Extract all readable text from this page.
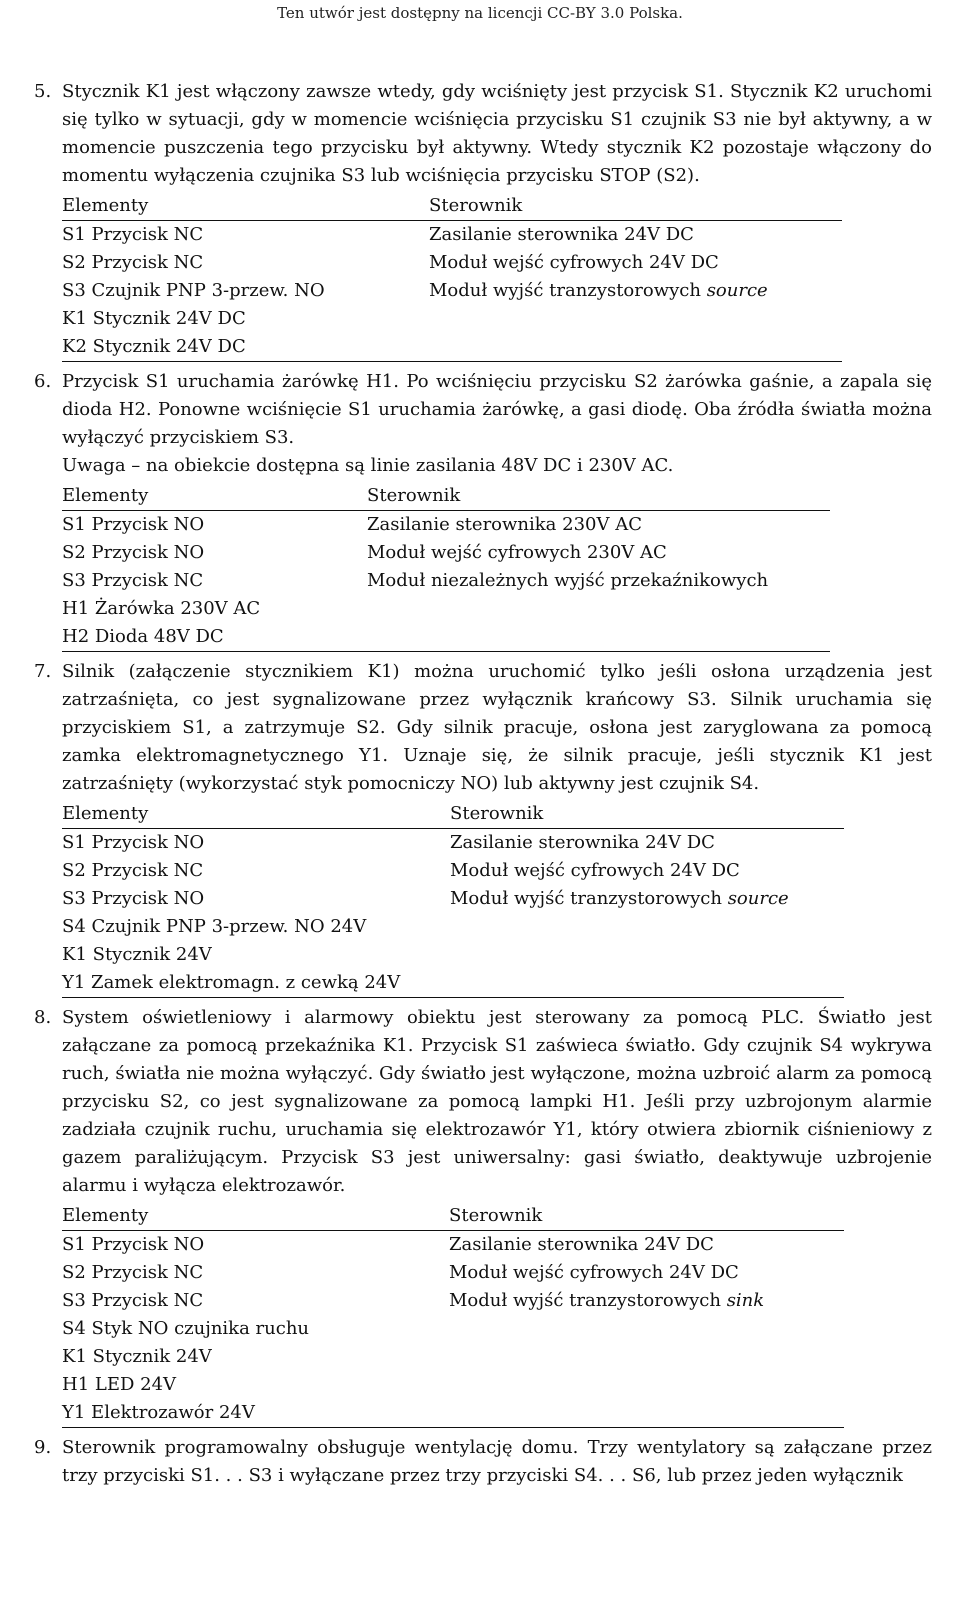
Ten utwór jest dostępny na licencji CC-BY 3.0 Polska.
5. Stycznik K1 jest włączony zawsze wtedy, gdy wciśnięty jest przycisk S1. Stycznik K2 uruchomi się tylko w sytuacji, gdy w momencie wciśnięcia przycisku S1 czujnik S3 nie był aktywny, a w momencie puszczenia tego przycisku był aktywny. Wtedy stycznik K2 pozostaje włączony do momentu wyłączenia czujnika S3 lub wciśnięcia przycisku STOP (S2).

Elementy	Sterownik
S1 Przycisk NC	Zasilanie sterownika 24V DC
S2 Przycisk NC	Moduł wejść cyfrowych 24V DC
S3 Czujnik PNP 3-przew. NO	Moduł wyjść tranzystorowych source
K1 Stycznik 24V DC	
K2 Stycznik 24V DC	
6. Przycisk S1 uruchamia żarówkę H1. Po wciśnięciu przycisku S2 żarówka gaśnie, a zapala się dioda H2. Ponowne wciśnięcie S1 uruchamia żarówkę, a gasi diodę. Oba źródła światła można wyłączyć przyciskiem S3.

Uwaga – na obiekcie dostępna są linie zasilania 48V DC i 230V AC.

Elementy	Sterownik
S1 Przycisk NO	Zasilanie sterownika 230V AC
S2 Przycisk NO	Moduł wejść cyfrowych 230V AC
S3 Przycisk NC	Moduł niezależnych wyjść przekaźnikowych
H1 Żarówka 230V AC	
H2 Dioda 48V DC	
7. Silnik (załączenie stycznikiem K1) można uruchomić tylko jeśli osłona urządzenia jest zatrzaśnięta, co jest sygnalizowane przez wyłącznik krańcowy S3. Silnik uruchamia się przyciskiem S1, a zatrzymuje S2. Gdy silnik pracuje, osłona jest zaryglowana za pomocą zamka elektromagnetycznego Y1. Uznaje się, że silnik pracuje, jeśli stycznik K1 jest zatrzaśnięty (wykorzystać styk pomocniczy NO) lub aktywny jest czujnik S4.

Elementy	Sterownik
S1 Przycisk NO	Zasilanie sterownika 24V DC
S2 Przycisk NC	Moduł wejść cyfrowych 24V DC
S3 Przycisk NO	Moduł wyjść tranzystorowych source
S4 Czujnik PNP 3-przew. NO 24V	
K1 Stycznik 24V	
Y1 Zamek elektromagn. z cewką 24V	
8. System oświetleniowy i alarmowy obiektu jest sterowany za pomocą PLC. Światło jest załączane za pomocą przekaźnika K1. Przycisk S1 zaświeca światło. Gdy czujnik S4 wykrywa ruch, światła nie można wyłączyć. Gdy światło jest wyłączone, można uzbroić alarm za pomocą przycisku S2, co jest sygnalizowane za pomocą lampki H1. Jeśli przy uzbrojonym alarmie zadziała czujnik ruchu, uruchamia się elektrozawór Y1, który otwiera zbiornik ciśnieniowy z gazem paraliżującym. Przycisk S3 jest uniwersalny: gasi światło, deaktywuje uzbrojenie alarmu i wyłącza elektrozawór.

Elementy	Sterownik
S1 Przycisk NO	Zasilanie sterownika 24V DC
S2 Przycisk NC	Moduł wejść cyfrowych 24V DC
S3 Przycisk NC	Moduł wyjść tranzystorowych sink
S4 Styk NO czujnika ruchu	
K1 Stycznik 24V	
H1 LED 24V	
Y1 Elektrozawór 24V	
9. Sterownik programowalny obsługuje wentylację domu. Trzy wentylatory są załączane przez trzy przyciski S1. . . S3 i wyłączane przez trzy przyciski S4. . . S6, lub przez jeden wyłącznik
